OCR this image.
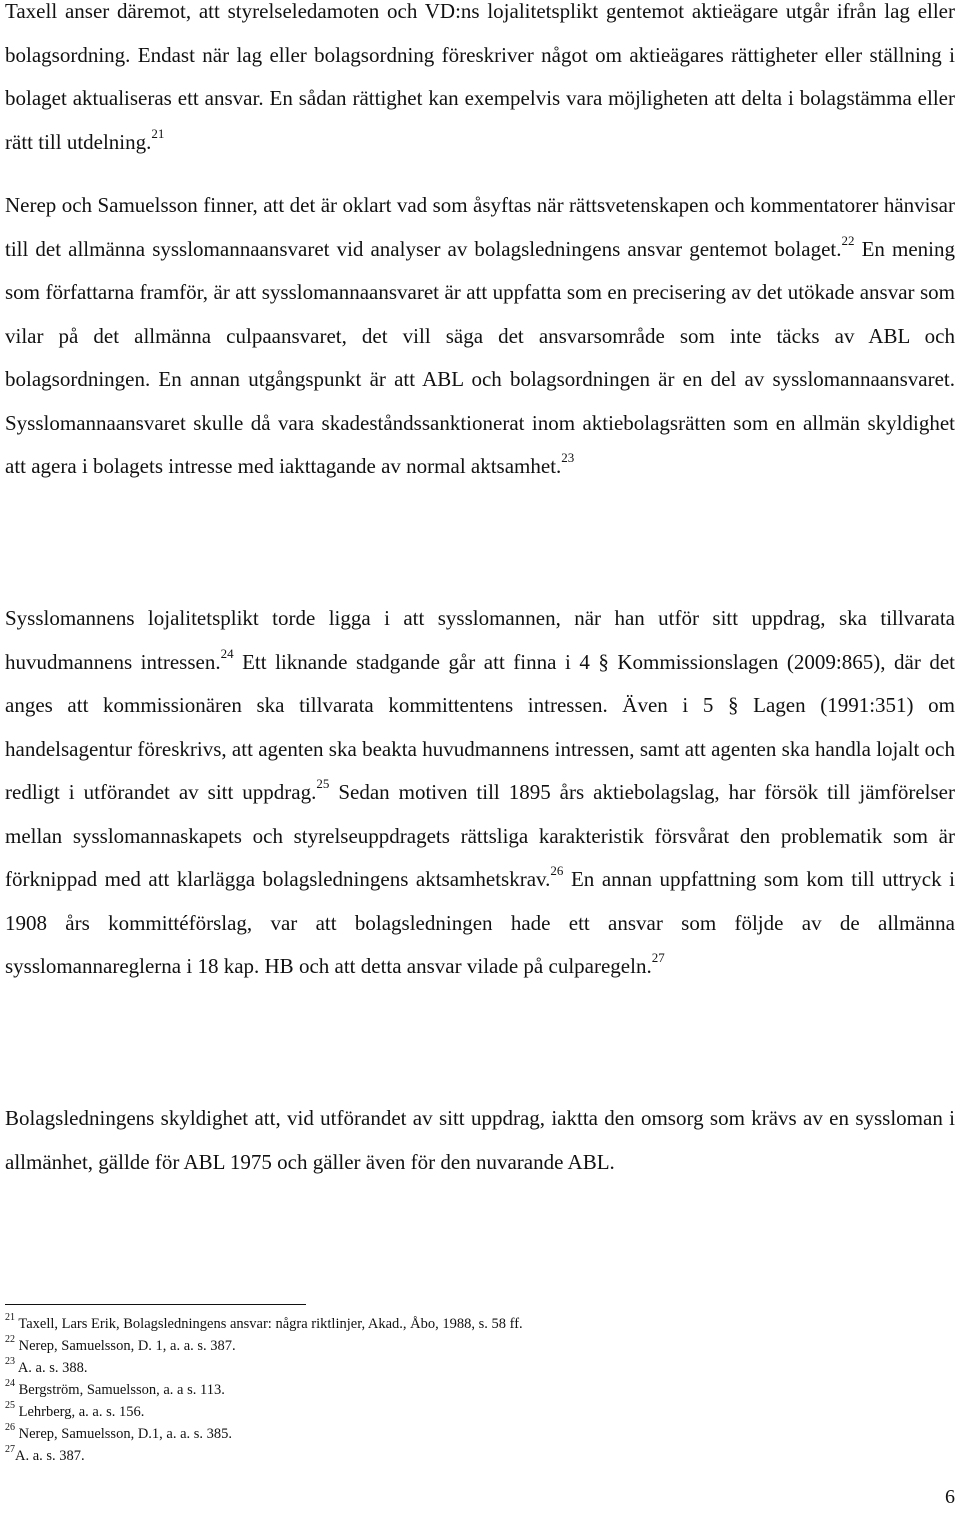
Taxell anser däremot, att styrelseledamoten och VD:ns lojalitetsplikt gentemot aktieägare utgår ifrån lag eller bolagsordning. Endast när lag eller bolagsordning föreskriver något om aktieägares rättigheter eller ställning i bolaget aktualiseras ett ansvar. En sådan rättighet kan exempelvis vara möjligheten att delta i bolagstämma eller rätt till utdelning.$^{21}$

Nerep och Samuelsson finner, att det är oklart vad som åsyftas när rättsvetenskapen och kommentatorer hänvisar till det allmänna sysslomannaansvaret vid analyser av bolagsledningens ansvar gentemot bolaget.$^{22}$ En mening som författarna framför, är att sysslomannaansvaret är att uppfatta som en precisering av det utökade ansvar som vilar på det allmänna culpaansvaret, det vill säga det ansvarsområde som inte täcks av ABL och bolagsordningen. En annan utgångspunkt är att ABL och bolagsordningen är en del av sysslomannaansvaret. Sysslomannaansvaret skulle då vara skadeståndssanktionerat inom aktiebolagsrätten som en allmän skyldighet att agera i bolagets intresse med iakttagande av normal aktsamhet.$^{23}$

Sysslomannens lojalitetsplikt torde ligga i att sysslomannen, när han utför sitt uppdrag, ska tillvarata huvudmannens intressen.$^{24}$ Ett liknande stadgande går att finna i 4 § Kommissionslagen (2009:865), där det anges att kommissionären ska tillvarata kommittentens intressen. Även i 5 § Lagen (1991:351) om handelsagentur föreskrivs, att agenten ska beakta huvudmannens intressen, samt att agenten ska handla lojalt och redligt i utförandet av sitt uppdrag.$^{25}$ Sedan motiven till 1895 års aktiebolagslag, har försök till jämförelser mellan sysslomannaskapets och styrelseuppdragets rättsliga karakteristik försvårat den problematik som är förknippad med att klarlägga bolagsledningens aktsamhetskrav.$^{26}$ En annan uppfattning som kom till uttryck i 1908 års kommittéförslag, var att bolagsledningen hade ett ansvar som följde av de allmänna sysslomannareglerna i 18 kap. HB och att detta ansvar vilade på culparegeln.$^{27}$

Bolagsledningens skyldighet att, vid utförandet av sitt uppdrag, iaktta den omsorg som krävs av en syssloman i allmänhet, gällde för ABL 1975 och gäller även för den nuvarande ABL.

$^{21}$ Taxell, Lars Erik, Bolagsledningens ansvar: några riktlinjer, Akad., Åbo, 1988, s. 58 ff.
$^{22}$ Nerep, Samuelsson, D. 1, a. a. s. 387.
$^{23}$ A. a. s. 388.
$^{24}$ Bergström, Samuelsson, a. a s. 113.
$^{25}$ Lehrberg, a. a. s. 156.
$^{26}$ Nerep, Samuelsson, D.1, a. a. s. 385.
$^{27}$A. a. s. 387.
6
